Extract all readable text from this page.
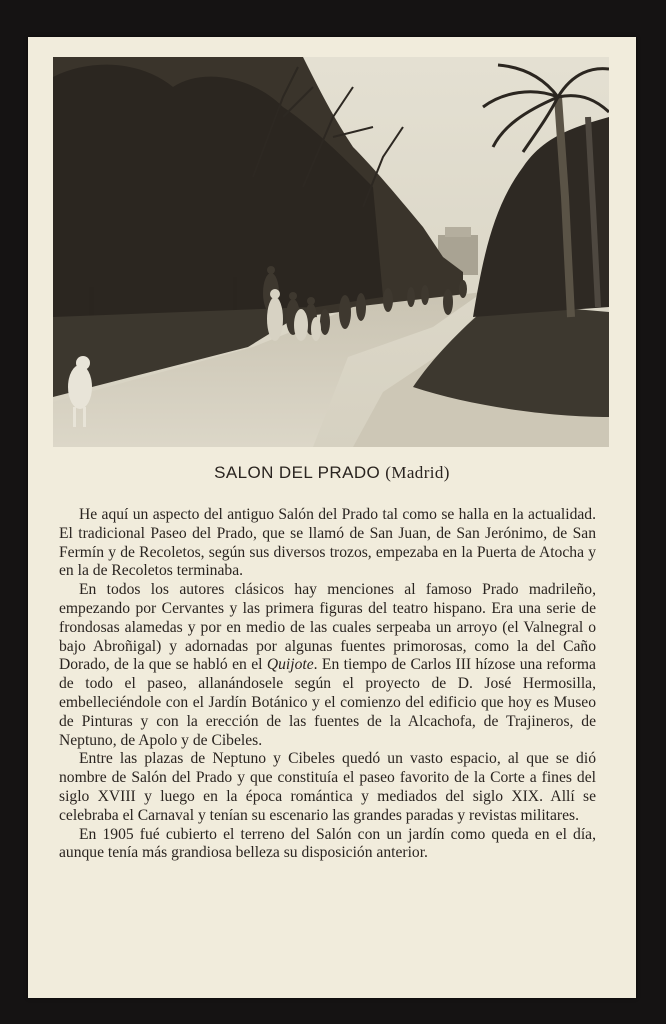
SALON DEL PRADO (Madrid)

He aquí un aspecto del antiguo Salón del Prado tal como se halla en la actualidad. El tradicional Paseo del Prado, que se llamó de San Juan, de San Jerónimo, de San Fermín y de Recoletos, según sus diversos trozos, empezaba en la Puerta de Atocha y en la de Recoletos terminaba.

En todos los autores clásicos hay menciones al famoso Prado madrileño, empezando por Cervantes y las primera figuras del teatro hispano. Era una serie de frondosas alamedas y por en medio de las cuales serpeaba un arroyo (el Valnegral o bajo Abroñigal) y adornadas por algunas fuentes primorosas, como la del Caño Dorado, de la que se habló en el Quijote. En tiempo de Carlos III hízose una reforma de todo el paseo, allanándosele según el proyecto de D. José Hermosilla, embelleciéndole con el Jardín Botánico y el comienzo del edificio que hoy es Museo de Pinturas y con la erección de las fuentes de la Alcachofa, de Trajineros, de Neptuno, de Apolo y de Cibeles.

Entre las plazas de Neptuno y Cibeles quedó un vasto espacio, al que se dió nombre de Salón del Prado y que constituía el paseo favorito de la Corte a fines del siglo XVIII y luego en la época romántica y mediados del siglo XIX. Allí se celebraba el Carnaval y tenían su escenario las grandes paradas y revistas militares.

En 1905 fué cubierto el terreno del Salón con un jardín como queda en el día, aunque tenía más grandiosa belleza su disposición anterior.
